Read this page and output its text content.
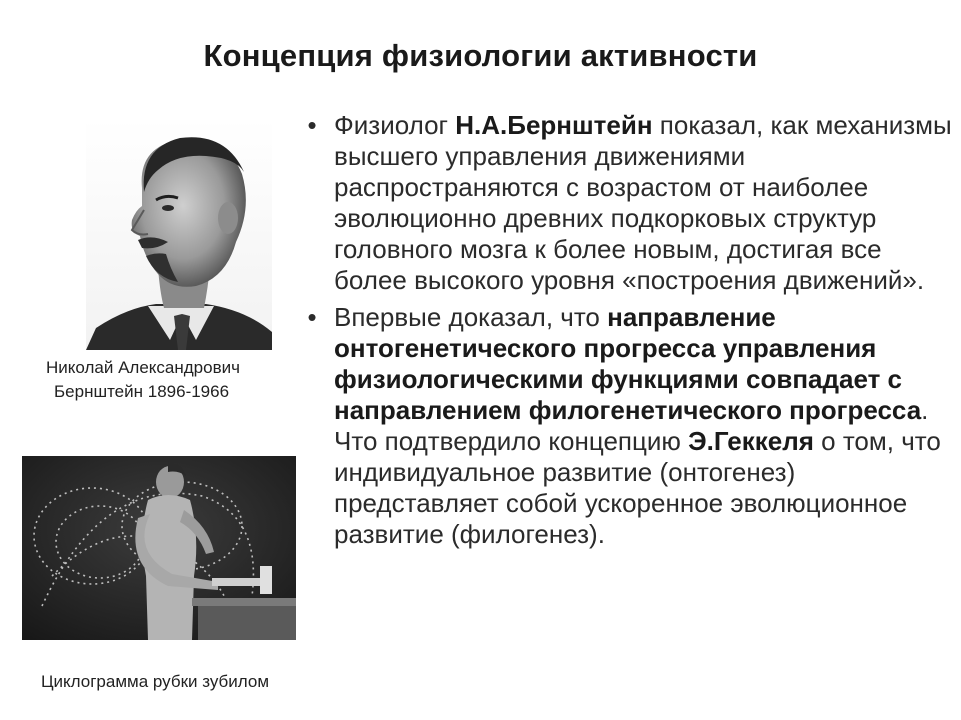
Концепция физиологии активности
Николай Александрович
Бернштейн 1896-1966
Циклограмма рубки зубилом
• Физиолог Н.А.Бернштейн показал, как механизмы высшего управления движениями распространяются с возрастом от наиболее эволюционно древних подкорковых структур головного мозга к более новым, достигая все более высокого уровня «построения движений».
• Впервые доказал, что направление онтогенетического прогресса управления физиологическими функциями совпадает с направлением филогенетического прогресса. Что подтвердило концепцию Э.Геккеля о том, что индивидуальное развитие (онтогенез) представляет собой ускоренное эволюционное развитие (филогенез).
